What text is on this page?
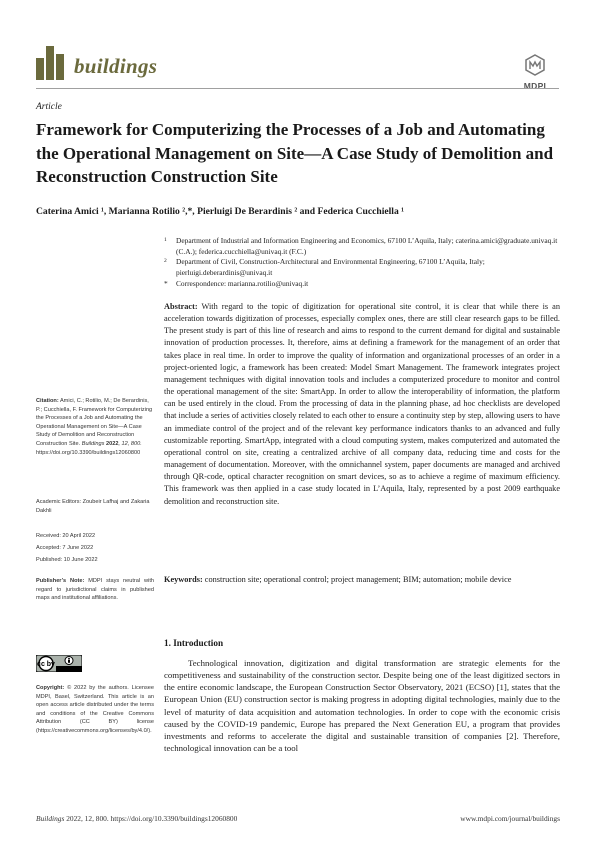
buildings
MDPI
Article
Framework for Computerizing the Processes of a Job and Automating the Operational Management on Site—A Case Study of Demolition and Reconstruction Construction Site
Caterina Amici ¹, Marianna Rotilio ²,*, Pierluigi De Berardinis ² and Federica Cucchiella ¹
1 Department of Industrial and Information Engineering and Economics, 67100 L’Aquila, Italy; caterina.amici@graduate.univaq.it (C.A.); federica.cucchiella@univaq.it (F.C.)
2 Department of Civil, Construction-Architectural and Environmental Engineering, 67100 L’Aquila, Italy; pierluigi.deberardinis@univaq.it
* Correspondence: marianna.rotilio@univaq.it
Abstract: With regard to the topic of digitization for operational site control, it is clear that while there is an acceleration towards digitization of processes, especially complex ones, there are still clear research gaps to be filled. The present study is part of this line of research and aims to respond to the current demand for digital and sustainable innovation of production processes. It, therefore, aims at defining a framework for the management of an order that takes place in real time. In order to improve the quality of information and organizational processes of an order in a project-oriented logic, a framework has been created: Model Smart Management. The framework integrates project management techniques with digital innovation tools and includes a computerized procedure to monitor and control the operational management of the site: SmartApp. In order to allow the interoperability of information, the platform can be used entirely in the cloud. From the processing of data in the planning phase, ad hoc checklists are developed that include a series of activities closely related to each other to ensure a continuity step by step, allowing users to have an immediate control of the project and of the relevant key performance indicators thanks to an advanced and fully customizable reporting. SmartApp, integrated with a cloud computing system, makes computerized and automated the operational control on site, creating a centralized archive of all company data, reducing time and costs for the management of documentation. Moreover, with the omnichannel system, paper documents are managed and archived through QR-code, optical character recognition on smart devices, so as to achieve a regime of maximum efficiency. This framework was then applied in a case study located in L’Aquila, Italy, represented by a post 2009 earthquake demolition and reconstruction site.
Keywords: construction site; operational control; project management; BIM; automation; mobile device
Citation: Amici, C.; Rotilio, M.; De Berardinis, P.; Cucchiella, F. Framework for Computerizing the Processes of a Job and Automating the Operational Management on Site—A Case Study of Demolition and Reconstruction Construction Site. Buildings 2022, 12, 800. https://doi.org/10.3390/buildings12060800
Academic Editors: Zoubeir Lafhaj and Zakaria Dakhli
Received: 20 April 2022
Accepted: 7 June 2022
Published: 10 June 2022
Publisher’s Note: MDPI stays neutral with regard to jurisdictional claims in published maps and institutional affiliations.
cc by
Copyright: © 2022 by the authors. Licensee MDPI, Basel, Switzerland. This article is an open access article distributed under the terms and conditions of the Creative Commons Attribution (CC BY) license (https://creativecommons.org/licenses/by/4.0/).
1. Introduction
Technological innovation, digitization and digital transformation are strategic elements for the competitiveness and sustainability of the construction sector. Despite being one of the least digitized sectors in the entire economic landscape, the European Construction Sector Observatory, 2021 (ECSO) [1], states that the European Union (EU) construction sector is making progress in adopting digital technologies, mainly due to the level of maturity of data acquisition and automation technologies. In order to cope with the economic crisis caused by the COVID-19 pandemic, Europe has prepared the Next Generation EU, a program that provides investments and reforms to accelerate the digital and sustainable transition of companies [2]. Therefore, technological innovation can be a tool
Buildings 2022, 12, 800. https://doi.org/10.3390/buildings12060800	www.mdpi.com/journal/buildings
